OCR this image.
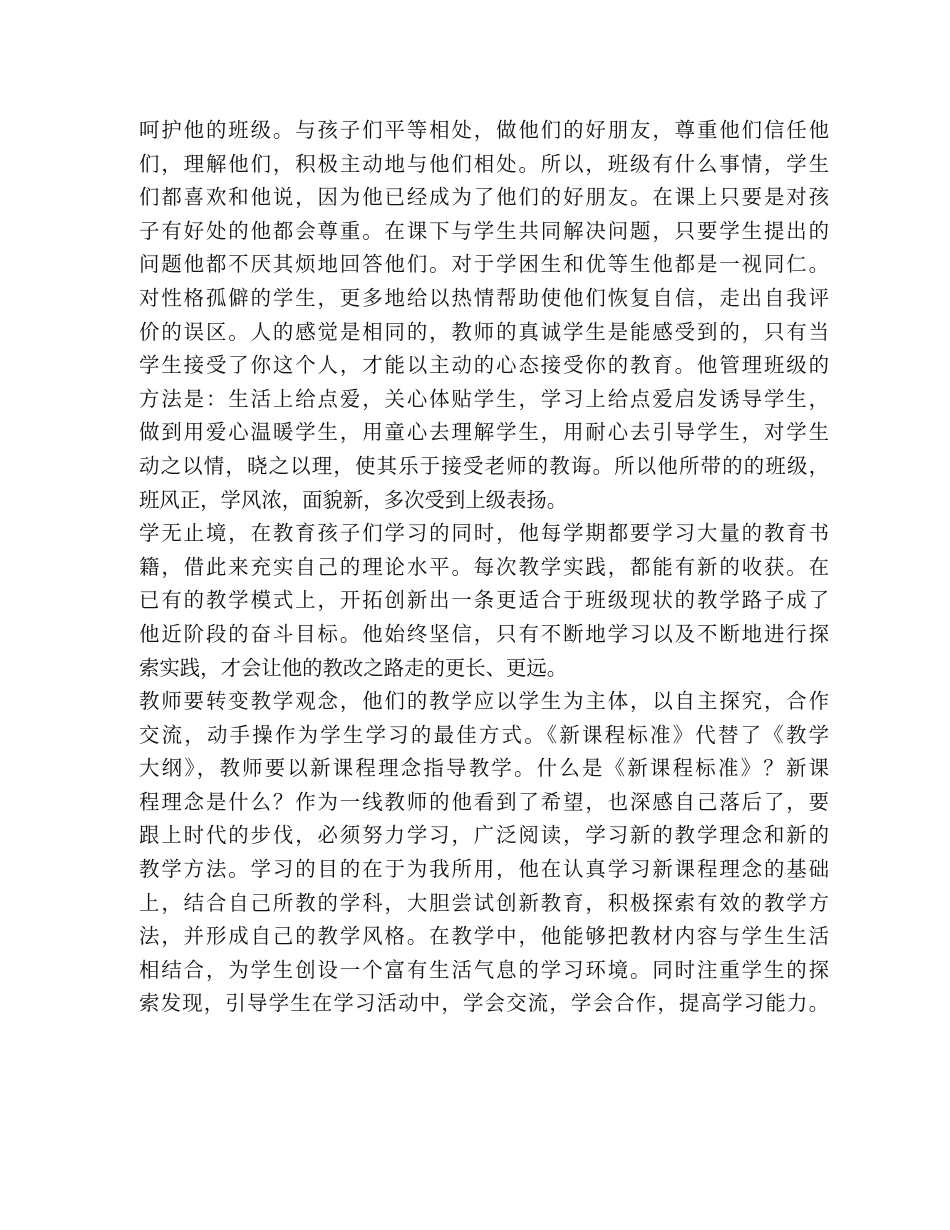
呵护他的班级。与孩子们平等相处，做他们的好朋友，尊重他们信任他
们，理解他们，积极主动地与他们相处。所以，班级有什么事情，学生
们都喜欢和他说，因为他已经成为了他们的好朋友。在课上只要是对孩
子有好处的他都会尊重。在课下与学生共同解决问题，只要学生提出的
问题他都不厌其烦地回答他们。对于学困生和优等生他都是一视同仁。
对性格孤僻的学生，更多地给以热情帮助使他们恢复自信，走出自我评
价的误区。人的感觉是相同的，教师的真诚学生是能感受到的，只有当
学生接受了你这个人，才能以主动的心态接受你的教育。他管理班级的
方法是：生活上给点爱，关心体贴学生，学习上给点爱启发诱导学生，
做到用爱心温暖学生，用童心去理解学生，用耐心去引导学生，对学生
动之以情，晓之以理，使其乐于接受老师的教诲。所以他所带的的班级，
班风正，学风浓，面貌新，多次受到上级表扬。
学无止境，在教育孩子们学习的同时，他每学期都要学习大量的教育书
籍，借此来充实自己的理论水平。每次教学实践，都能有新的收获。在
已有的教学模式上，开拓创新出一条更适合于班级现状的教学路子成了
他近阶段的奋斗目标。他始终坚信，只有不断地学习以及不断地进行探
索实践，才会让他的教改之路走的更长、更远。
教师要转变教学观念，他们的教学应以学生为主体，以自主探究，合作
交流，动手操作为学生学习的最佳方式。《新课程标准》代替了《教学
大纲》，教师要以新课程理念指导教学。什么是《新课程标准》？新课
程理念是什么？作为一线教师的他看到了希望，也深感自己落后了，要
跟上时代的步伐，必须努力学习，广泛阅读，学习新的教学理念和新的
教学方法。学习的目的在于为我所用，他在认真学习新课程理念的基础
上，结合自己所教的学科，大胆尝试创新教育，积极探索有效的教学方
法，并形成自己的教学风格。在教学中，他能够把教材内容与学生生活
相结合，为学生创设一个富有生活气息的学习环境。同时注重学生的探
索发现，引导学生在学习活动中，学会交流，学会合作，提高学习能力。
